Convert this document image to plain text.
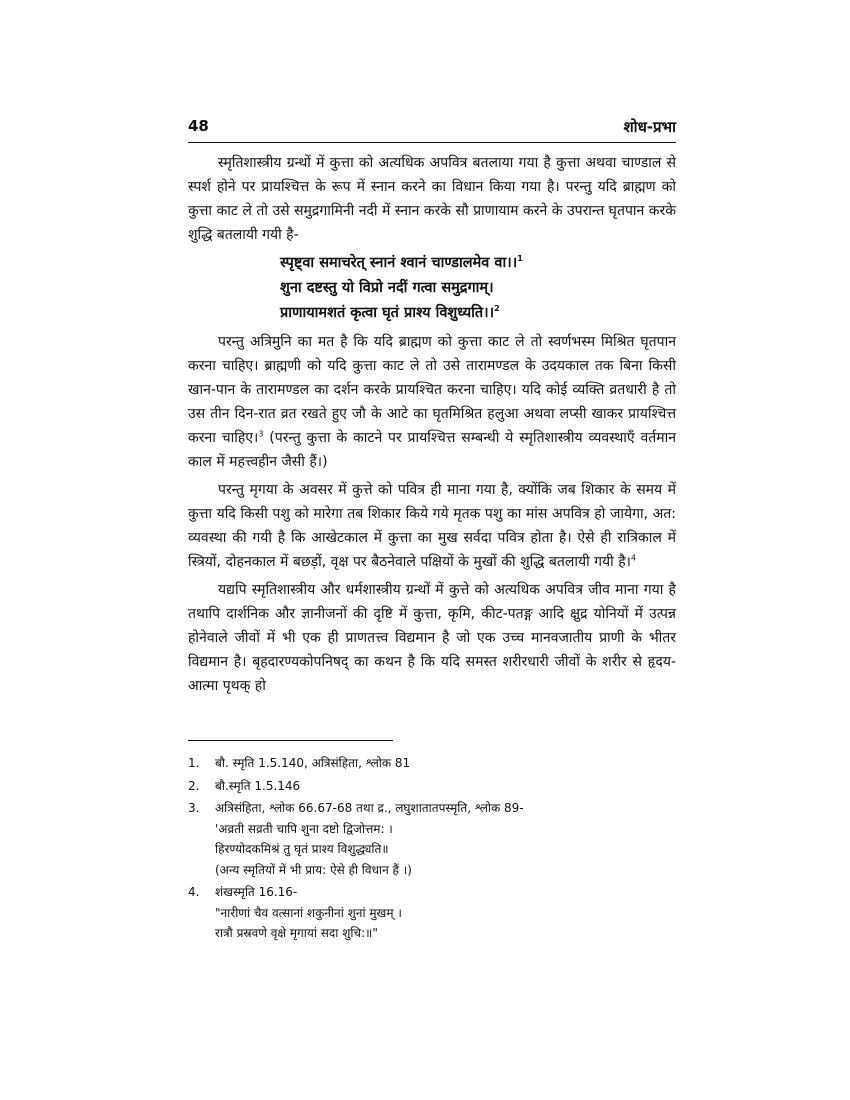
48	शोध-प्रभा

स्मृतिशास्त्रीय ग्रन्थों में कुत्ता को अत्यधिक अपवित्र बतलाया गया है कुत्ता अथवा चाण्डाल से स्पर्श होने पर प्रायश्चित्त के रूप में स्नान करने का विधान किया गया है। परन्तु यदि ब्राह्मण को कुत्ता काट ले तो उसे समुद्रगामिनी नदी में स्नान करके सौ प्राणायाम करने के उपरान्त घृतपान करके शुद्धि बतलायी गयी है-

स्पृष्ट्वा समाचरेत् स्नानं श्वानं चाण्डालमेव वा।।$^1$
शुना दष्टस्तु यो विप्रो नदीं गत्वा समुद्रगाम्।
प्राणायामशतं कृत्वा घृतं प्राश्य विशुध्यति।।$^2$

परन्तु अत्रिमुनि का मत है कि यदि ब्राह्मण को कुत्ता काट ले तो स्वर्णभस्म मिश्रित घृतपान करना चाहिए। ब्राह्मणी को यदि कुत्ता काट ले तो उसे तारामण्डल के उदयकाल तक बिना किसी खान-पान के तारामण्डल का दर्शन करके प्रायश्चित करना चाहिए। यदि कोई व्यक्ति व्रतधारी है तो उस तीन दिन-रात व्रत रखते हुए जौ के आटे का घृतमिश्रित हलुआ अथवा लप्सी खाकर प्रायश्चित्त करना चाहिए।$^3$ (परन्तु कुत्ता के काटने पर प्रायश्चित्त सम्बन्धी ये स्मृतिशास्त्रीय व्यवस्थाएँ वर्तमान काल में महत्त्वहीन जैसी हैं।)

परन्तु मृगया के अवसर में कुत्ते को पवित्र ही माना गया है, क्योंकि जब शिकार के समय में कुत्ता यदि किसी पशु को मारेगा तब शिकार किये गये मृतक पशु का मांस अपवित्र हो जायेगा, अत: व्यवस्था की गयी है कि आखेटकाल में कुत्ता का मुख सर्वदा पवित्र होता है। ऐसे ही रात्रिकाल में स्त्रियों, दोहनकाल में बछड़ों, वृक्ष पर बैठनेवाले पक्षियों के मुखों की शुद्धि बतलायी गयी है।$^4$

यद्यपि स्मृतिशास्त्रीय और धर्मशास्त्रीय ग्रन्थों में कुत्ते को अत्यधिक अपवित्र जीव माना गया है तथापि दार्शनिक और ज्ञानीजनों की दृष्टि में कुत्ता, कृमि, कीट-पतङ्ग आदि क्षुद्र योनियों में उत्पन्न होनेवाले जीवों में भी एक ही प्राणतत्त्व विद्यमान है जो एक उच्च मानवजातीय प्राणी के भीतर विद्यमान है। बृहदारण्यकोपनिषद् का कथन है कि यदि समस्त शरीरधारी जीवों के शरीर से हृदय-आत्मा पृथक् हो

1. बौ. स्मृति 1.5.140, अत्रिसंहिता, श्लोक 81
2. बौ.स्मृति 1.5.146
3. अत्रिसंहिता, श्लोक 66.67-68 तथा द्र., लघुशातातपस्मृति, श्लोक 89-
'अव्रती सव्रती चापि शुना दष्टो द्विजोत्तम: ।
हिरण्योदकमिश्रं तु घृतं प्राश्य विशुद्ध्यति॥
(अन्य स्मृतियों में भी प्राय: ऐसे ही विधान हैं ।)
4. शंखस्मृति 16.16-
"नारीणां चैव वत्सानां शकुनीनां शुनां मुखम् ।
रात्रौ प्रस्रवणे वृक्षे मृगायां सदा शुचि:॥"
